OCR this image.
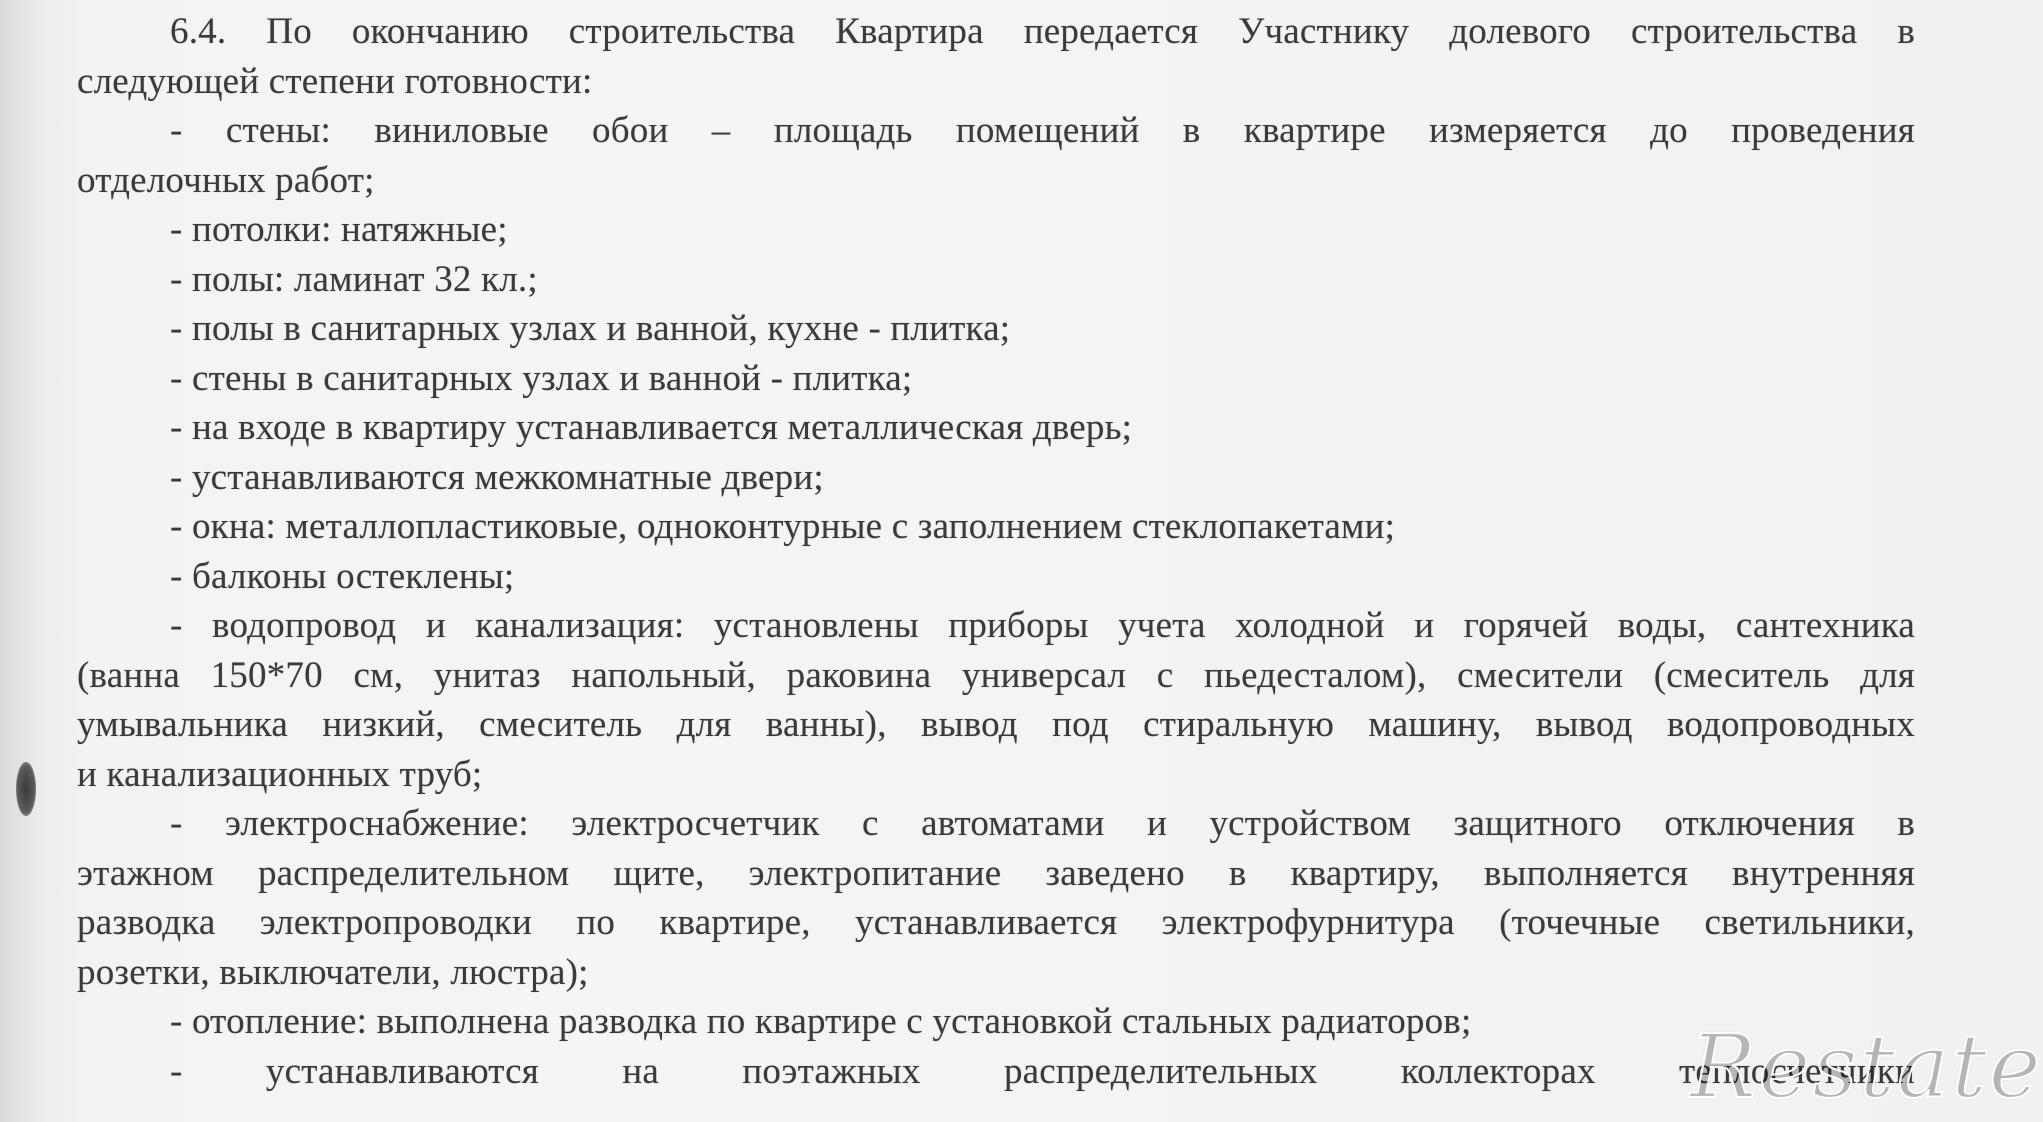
6.4. По окончанию строительства Квартира передается Участнику долевого строительства в
следующей степени готовности:
- стены: виниловые обои – площадь помещений в квартире измеряется до проведения
отделочных работ;
- потолки: натяжные;
- полы: ламинат 32 кл.;
- полы в санитарных узлах и ванной, кухне - плитка;
- стены в санитарных узлах и ванной - плитка;
- на входе в квартиру устанавливается металлическая дверь;
- устанавливаются межкомнатные двери;
- окна: металлопластиковые, одноконтурные с заполнением стеклопакетами;
- балконы остеклены;
- водопровод и канализация: установлены приборы учета холодной и горячей воды, сантехника
(ванна 150*70 см, унитаз напольный, раковина универсал с пьедесталом), смесители (смеситель для
умывальника низкий, смеситель для ванны), вывод под стиральную машину, вывод водопроводных
и канализационных труб;
- электроснабжение: электросчетчик с автоматами и устройством защитного отключения в
этажном распределительном щите, электропитание заведено в квартиру, выполняется внутренняя
разводка электропроводки по квартире, устанавливается электрофурнитура (точечные светильники,
розетки, выключатели, люстра);
- отопление: выполнена разводка по квартире с установкой стальных радиаторов;
- устанавливаются на поэтажных распределительных коллекторах теплосчетчики
Restate
